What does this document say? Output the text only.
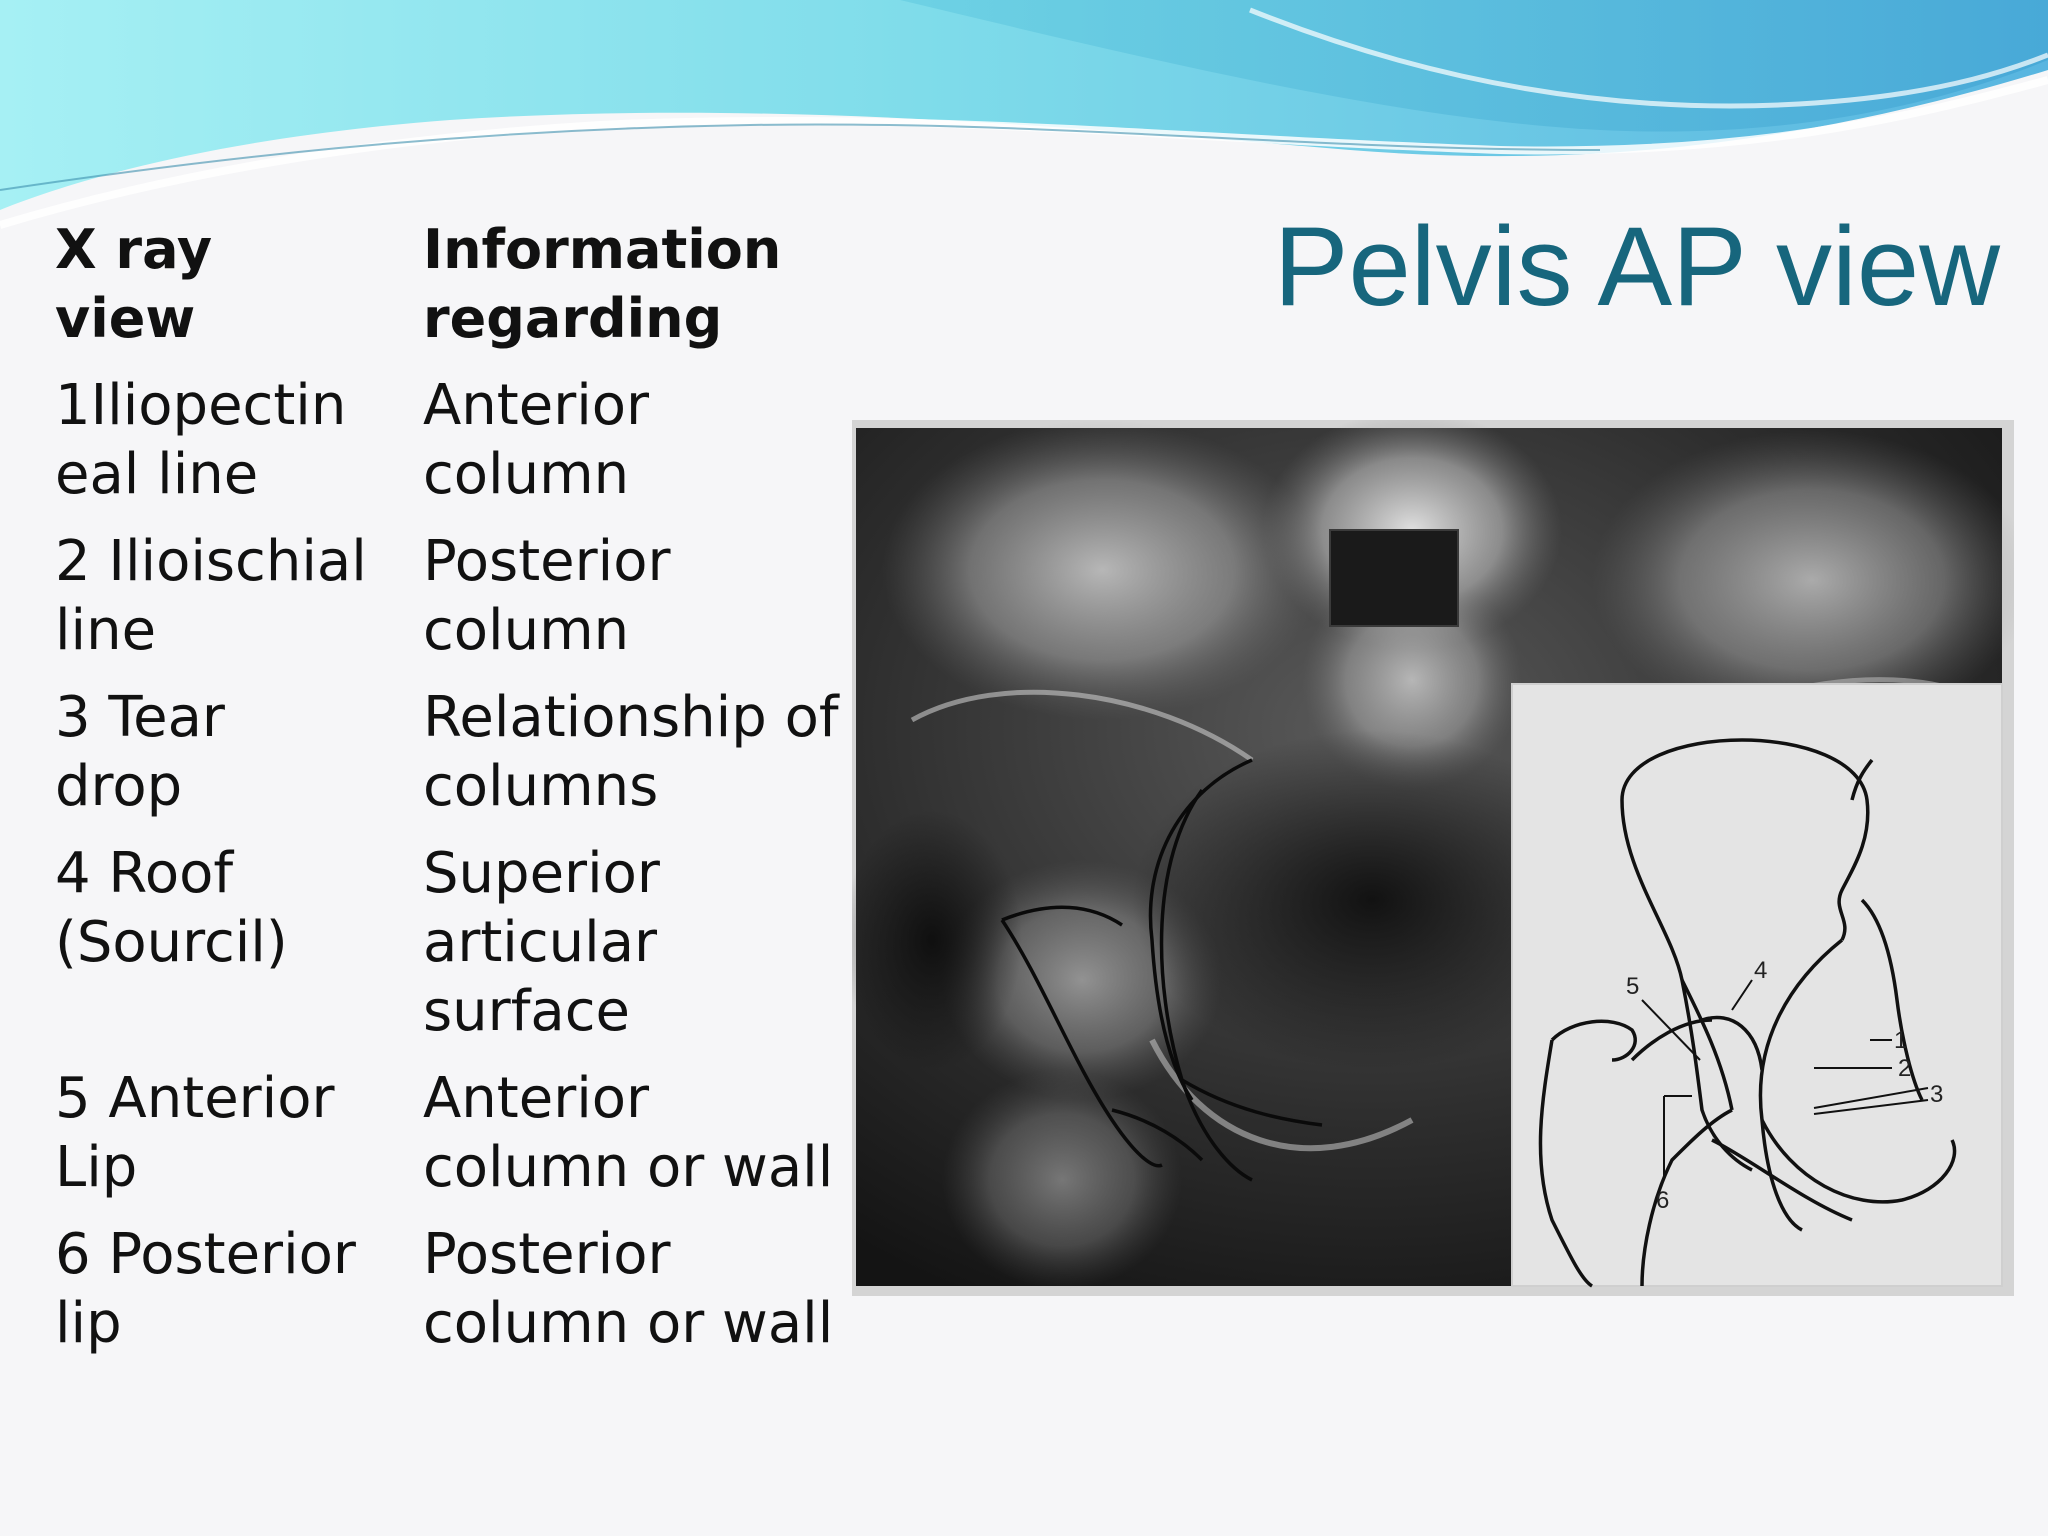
Pelvis AP view
X ray
view
Information
regarding
1Iliopectin
eal line
Anterior
column
2 Ilioischial
line
Posterior
column
3 Tear
drop
Relationship of
columns
4 Roof
(Sourcil)
Superior
articular
surface
5 Anterior
Lip
Anterior
column or wall
6 Posterior
lip
Posterior
column or wall
1
2
3
4
5
6
